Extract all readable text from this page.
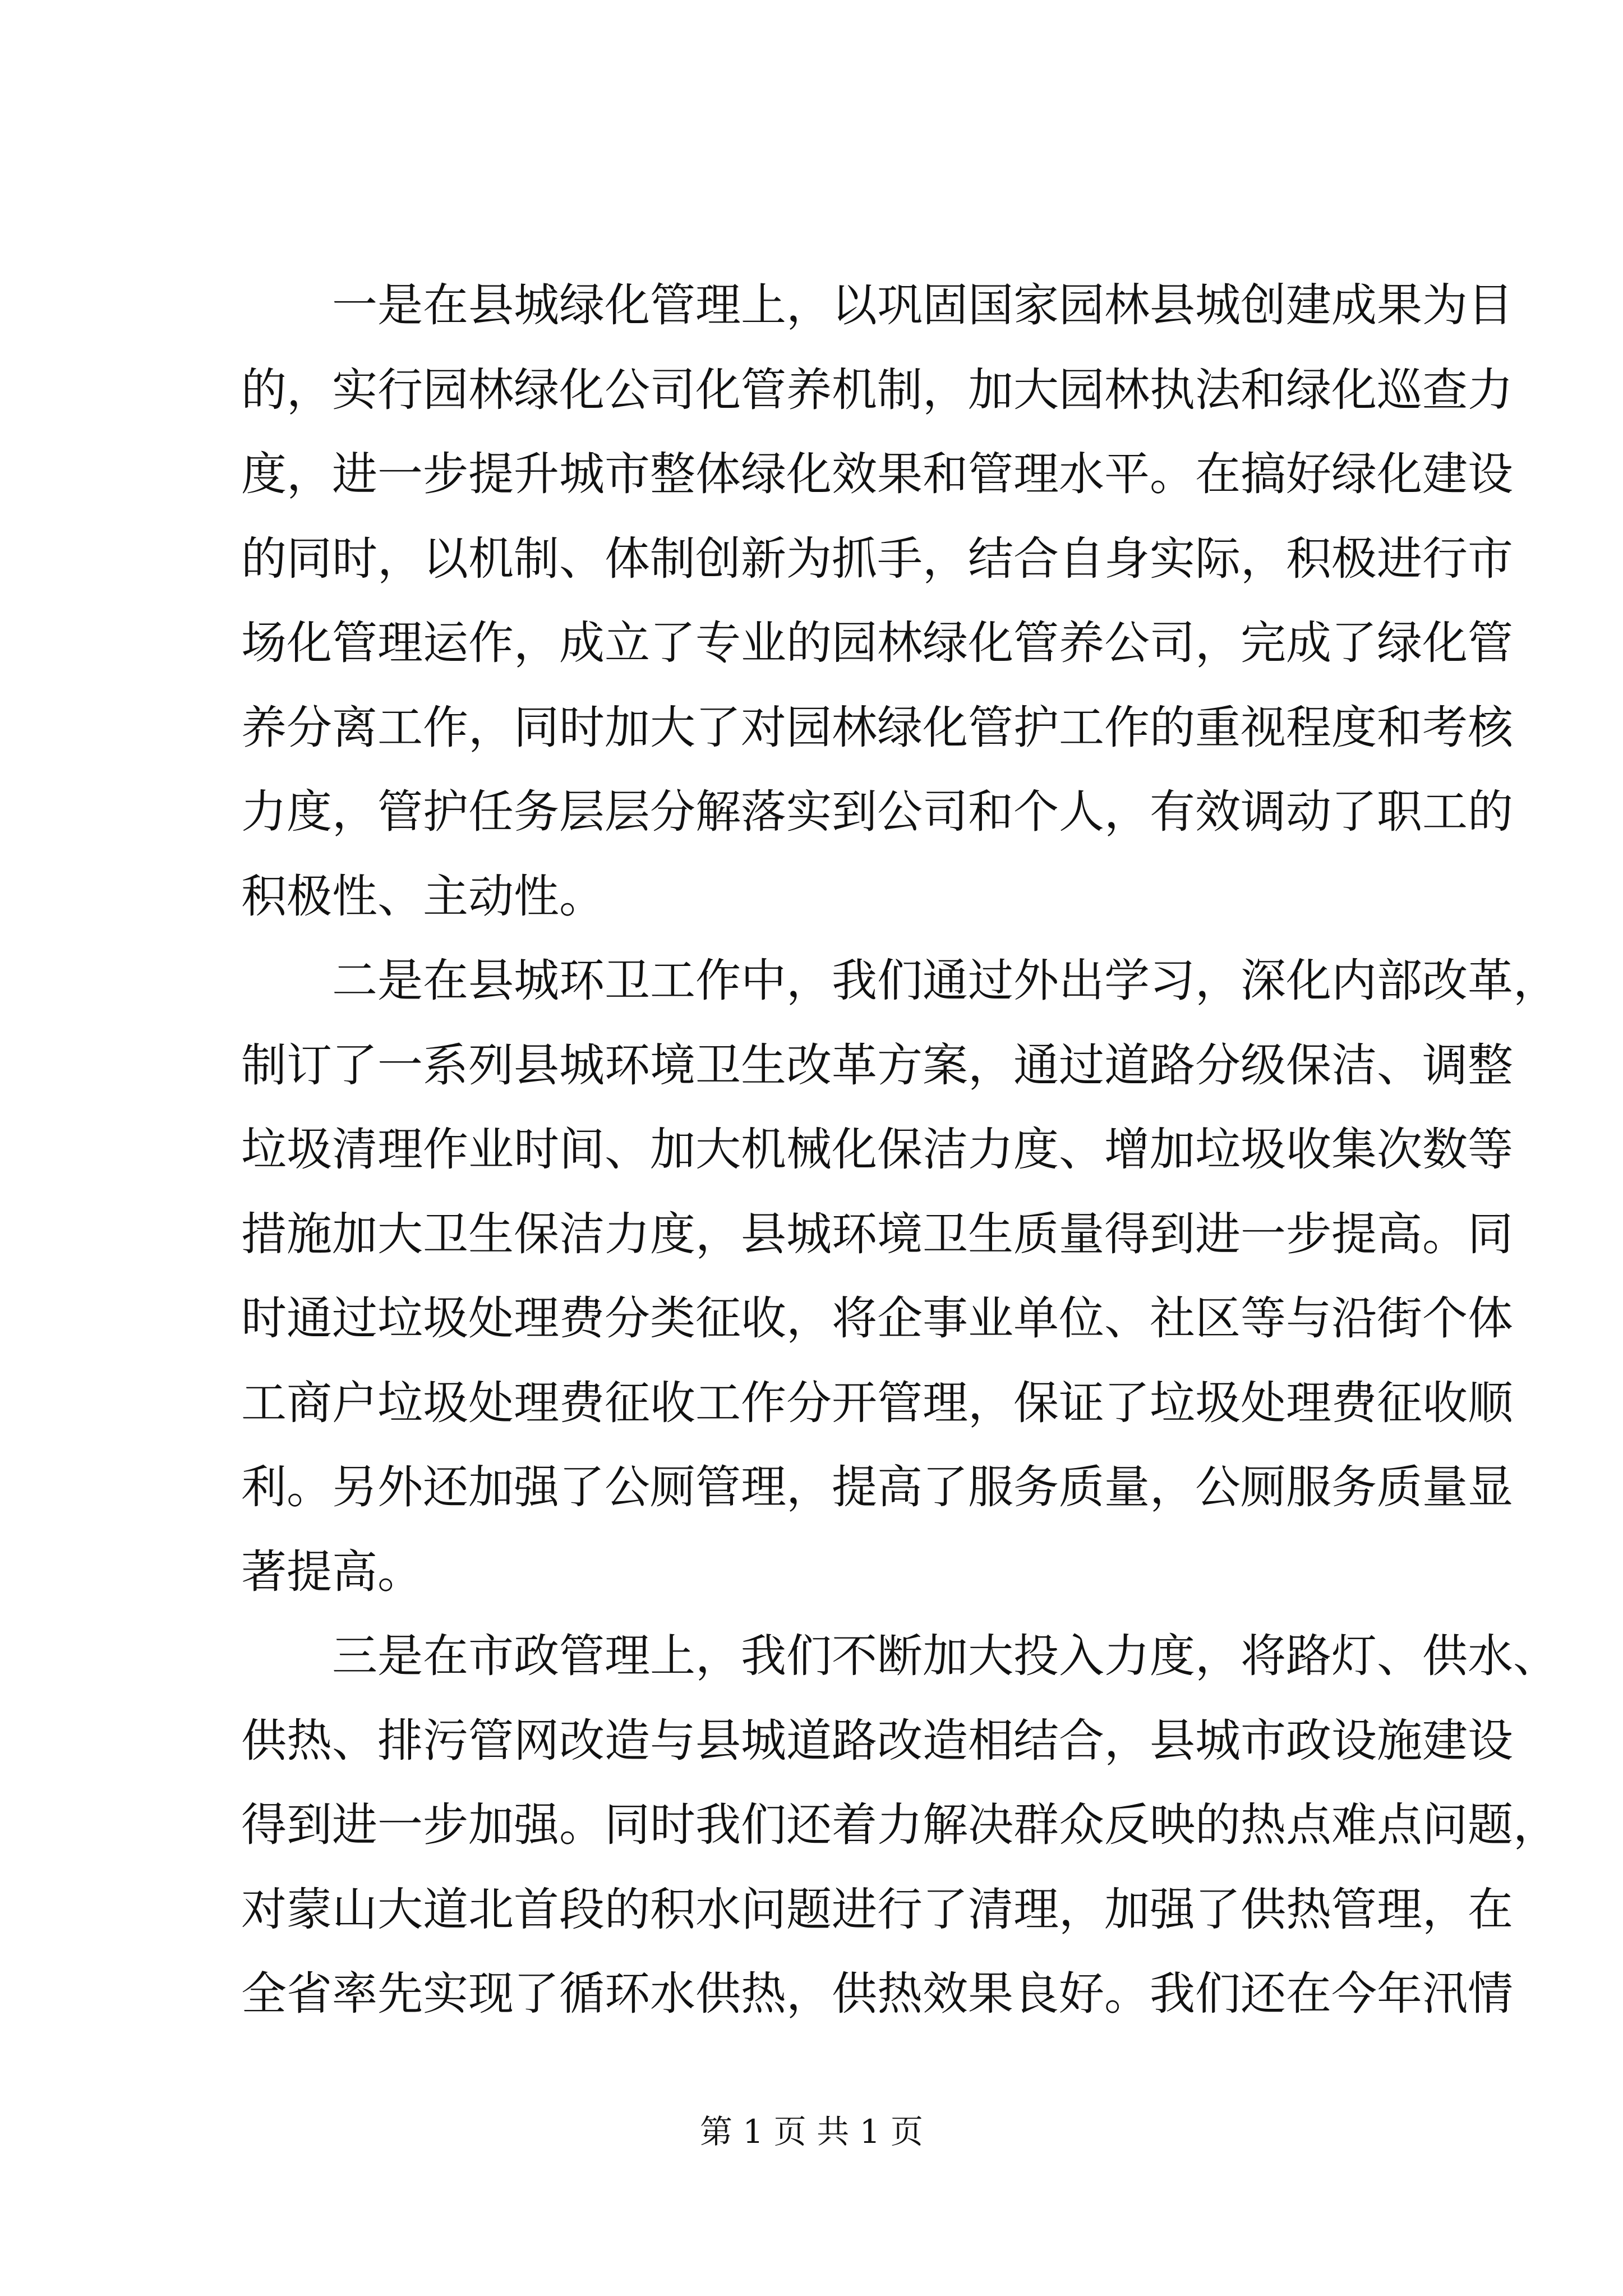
一是在县城绿化管理上，以巩固国家园林县城创建成果为目
的，实行园林绿化公司化管养机制，加大园林执法和绿化巡查力
度，进一步提升城市整体绿化效果和管理水平。在搞好绿化建设
的同时，以机制、体制创新为抓手，结合自身实际，积极进行市
场化管理运作，成立了专业的园林绿化管养公司，完成了绿化管
养分离工作，同时加大了对园林绿化管护工作的重视程度和考核
力度，管护任务层层分解落实到公司和个人，有效调动了职工的
积极性、主动性。
二是在县城环卫工作中，我们通过外出学习，深化内部改革，
制订了一系列县城环境卫生改革方案，通过道路分级保洁、调整
垃圾清理作业时间、加大机械化保洁力度、增加垃圾收集次数等
措施加大卫生保洁力度，县城环境卫生质量得到进一步提高。同
时通过垃圾处理费分类征收，将企事业单位、社区等与沿街个体
工商户垃圾处理费征收工作分开管理，保证了垃圾处理费征收顺
利。另外还加强了公厕管理，提高了服务质量，公厕服务质量显
著提高。
三是在市政管理上，我们不断加大投入力度，将路灯、供水、
供热、排污管网改造与县城道路改造相结合，县城市政设施建设
得到进一步加强。同时我们还着力解决群众反映的热点难点问题，
对蒙山大道北首段的积水问题进行了清理，加强了供热管理，在
全省率先实现了循环水供热，供热效果良好。我们还在今年汛情
第 1 页 共 1 页
